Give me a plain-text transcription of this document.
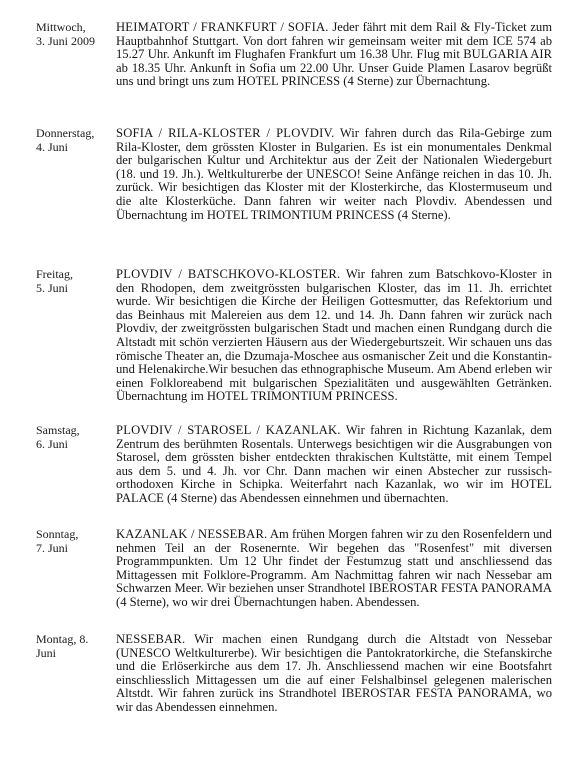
Mittwoch,
3. Juni 2009
HEIMATORT / FRANKFURT / SOFIA. Jeder fährt mit dem Rail & Fly-Ticket zum Hauptbahnhof Stuttgart. Von dort fahren wir gemeinsam weiter mit dem ICE 574 ab 15.27 Uhr. Ankunft im Flughafen Frankfurt um 16.38 Uhr. Flug mit BULGARIA AIR ab 18.35 Uhr. Ankunft in Sofia um 22.00 Uhr. Unser Guide Plamen Lasarov begrüßt uns und bringt uns zum HOTEL PRINCESS (4 Sterne) zur Übernachtung.
Donnerstag,
4. Juni
SOFIA / RILA-KLOSTER / PLOVDIV. Wir fahren durch das Rila-Gebirge zum Rila-Kloster, dem grössten Kloster in Bulgarien. Es ist ein monumentales Denkmal der bulgarischen Kultur und Architektur aus der Zeit der Nationalen Wiedergeburt (18. und 19. Jh.). Weltkulturerbe der UNESCO! Seine Anfänge reichen in das 10. Jh. zurück. Wir besichtigen das Kloster mit der Klosterkirche, das Klostermuseum und die alte Klosterküche. Dann fahren wir weiter nach Plovdiv. Abendessen und Übernachtung im HOTEL TRIMONTIUM PRINCESS (4 Sterne).
Freitag,
5. Juni
PLOVDIV / BATSCHKOVO-KLOSTER. Wir fahren zum Batschkovo-Kloster in den Rhodopen, dem zweitgrössten bulgarischen Kloster, das im 11. Jh. errichtet wurde. Wir besichtigen die Kirche der Heiligen Gottesmutter, das Refektorium und das Beinhaus mit Malereien aus dem 12. und 14. Jh. Dann fahren wir zurück nach Plovdiv, der zweitgrössten bulgarischen Stadt und machen einen Rundgang durch die Altstadt mit schön verzierten Häusern aus der Wiedergeburtszeit. Wir schauen uns das römische Theater an, die Dzumaja-Moschee aus osmanischer Zeit und die Konstantin- und Helenakirche.Wir besuchen das ethnographische Museum. Am Abend erleben wir einen Folkloreabend mit bulgarischen Spezialitäten und ausgewählten Getränken. Übernachtung im HOTEL TRIMONTIUM PRINCESS.
Samstag,
6. Juni
PLOVDIV / STAROSEL / KAZANLAK. Wir fahren in Richtung Kazanlak, dem Zentrum des berühmten Rosentals. Unterwegs besichtigen wir die Ausgrabungen von Starosel, dem grössten bisher entdeckten thrakischen Kultstätte, mit einem Tempel aus dem 5. und 4. Jh. vor Chr. Dann machen wir einen Abstecher zur russisch-orthodoxen Kirche in Schipka. Weiterfahrt nach Kazanlak, wo wir im HOTEL PALACE (4 Sterne) das Abendessen einnehmen und übernachten.
Sonntag,
7. Juni
KAZANLAK / NESSEBAR. Am frühen Morgen fahren wir zu den Rosenfeldern und nehmen Teil an der Rosenernte. Wir begehen das "Rosenfest" mit diversen Programmpunkten. Um 12 Uhr findet der Festumzug statt und anschliessend das Mittagessen mit Folklore-Programm. Am Nachmittag fahren wir nach Nessebar am Schwarzen Meer. Wir beziehen unser Strandhotel IBEROSTAR FESTA PANORAMA (4 Sterne), wo wir drei Übernachtungen haben. Abendessen.
Montag, 8.
Juni
NESSEBAR. Wir machen einen Rundgang durch die Altstadt von Nessebar (UNESCO Weltkulturerbe). Wir besichtigen die Pantokratorkirche, die Stefanskirche und die Erlöserkirche aus dem 17. Jh. Anschliessend machen wir eine Bootsfahrt einschliesslich Mittagessen um die auf einer Felshalbinsel gelegenen malerischen Altstdt. Wir fahren zurück ins Strandhotel IBEROSTAR FESTA PANORAMA, wo wir das Abendessen einnehmen.
